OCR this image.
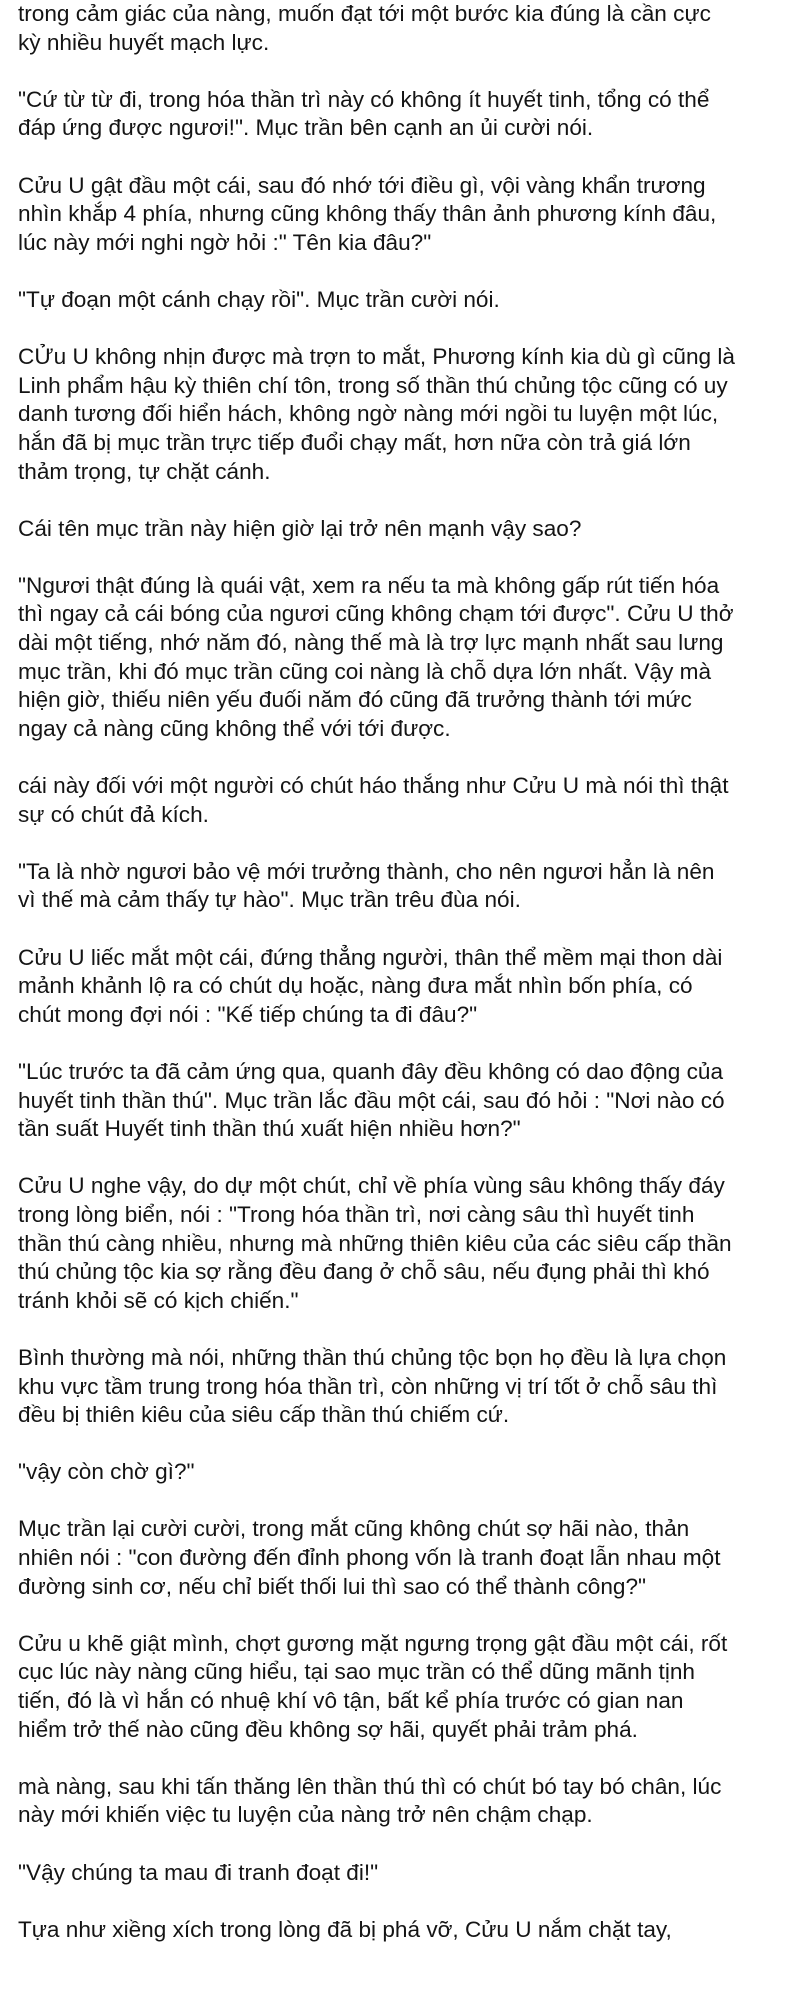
trong cảm giác của nàng, muốn đạt tới một bước kia đúng là cần cực
kỳ nhiều huyết mạch lực.

"Cứ từ từ đi, trong hóa thần trì này có không ít huyết tinh, tổng có thể
đáp ứng được ngươi!". Mục trần bên cạnh an ủi cười nói.

Cửu U gật đầu một cái, sau đó nhớ tới điều gì, vội vàng khẩn trương
nhìn khắp 4 phía, nhưng cũng không thấy thân ảnh phương kính đâu,
lúc này mới nghi ngờ hỏi :" Tên kia đâu?"

"Tự đoạn một cánh chạy rồi". Mục trần cười nói.

CỬu U không nhịn được mà trợn to mắt, Phương kính kia dù gì cũng là
Linh phẩm hậu kỳ thiên chí tôn, trong số thần thú chủng tộc cũng có uy
danh tương đối hiển hách, không ngờ nàng mới ngồi tu luyện một lúc,
hắn đã bị mục trần trực tiếp đuổi chạy mất, hơn nữa còn trả giá lớn
thảm trọng, tự chặt cánh.

Cái tên mục trần này hiện giờ lại trở nên mạnh vậy sao?

"Ngươi thật đúng là quái vật, xem ra nếu ta mà không gấp rút tiến hóa
thì ngay cả cái bóng của ngươi cũng không chạm tới được". Cửu U thở
dài một tiếng, nhớ năm đó, nàng thế mà là trợ lực mạnh nhất sau lưng
mục trần, khi đó mục trần cũng coi nàng là chỗ dựa lớn nhất. Vậy mà
hiện giờ, thiếu niên yếu đuối năm đó cũng đã trưởng thành tới mức
ngay cả nàng cũng không thể với tới được.

cái này đối với một người có chút háo thắng như Cửu U mà nói thì thật
sự có chút đả kích.

"Ta là nhờ ngươi bảo vệ mới trưởng thành, cho nên ngươi hẳn là nên
vì thế mà cảm thấy tự hào". Mục trần trêu đùa nói.

Cửu U liếc mắt một cái, đứng thẳng người, thân thể mềm mại thon dài
mảnh khảnh lộ ra có chút dụ hoặc, nàng đưa mắt nhìn bốn phía, có
chút mong đợi nói : "Kế tiếp chúng ta đi đâu?"

"Lúc trước ta đã cảm ứng qua, quanh đây đều không có dao động của
huyết tinh thần thú". Mục trần lắc đầu một cái, sau đó hỏi : "Nơi nào có
tần suất Huyết tinh thần thú xuất hiện nhiều hơn?"

Cửu U nghe vậy, do dự một chút, chỉ về phía vùng sâu không thấy đáy
trong lòng biển, nói : "Trong hóa thần trì, nơi càng sâu thì huyết tinh
thần thú càng nhiều, nhưng mà những thiên kiêu của các siêu cấp thần
thú chủng tộc kia sợ rằng đều đang ở chỗ sâu, nếu đụng phải thì khó
tránh khỏi sẽ có kịch chiến."

Bình thường mà nói, những thần thú chủng tộc bọn họ đều là lựa chọn
khu vực tầm trung trong hóa thần trì, còn những vị trí tốt ở chỗ sâu thì
đều bị thiên kiêu của siêu cấp thần thú chiếm cứ.

"vậy còn chờ gì?"

Mục trần lại cười cười, trong mắt cũng không chút sợ hãi nào, thản
nhiên nói : "con đường đến đỉnh phong vốn là tranh đoạt lẫn nhau một
đường sinh cơ, nếu chỉ biết thối lui thì sao có thể thành công?"

Cửu u khẽ giật mình, chợt gương mặt ngưng trọng gật đầu một cái, rốt
cục lúc này nàng cũng hiểu, tại sao mục trần có thể dũng mãnh tịnh
tiến, đó là vì hắn có nhuệ khí vô tận, bất kể phía trước có gian nan
hiểm trở thế nào cũng đều không sợ hãi, quyết phải trảm phá.

mà nàng, sau khi tấn thăng lên thần thú thì có chút bó tay bó chân, lúc
này mới khiến việc tu luyện của nàng trở nên chậm chạp.

"Vậy chúng ta mau đi tranh đoạt đi!"

Tựa như xiềng xích trong lòng đã bị phá vỡ, Cửu U nắm chặt tay,
